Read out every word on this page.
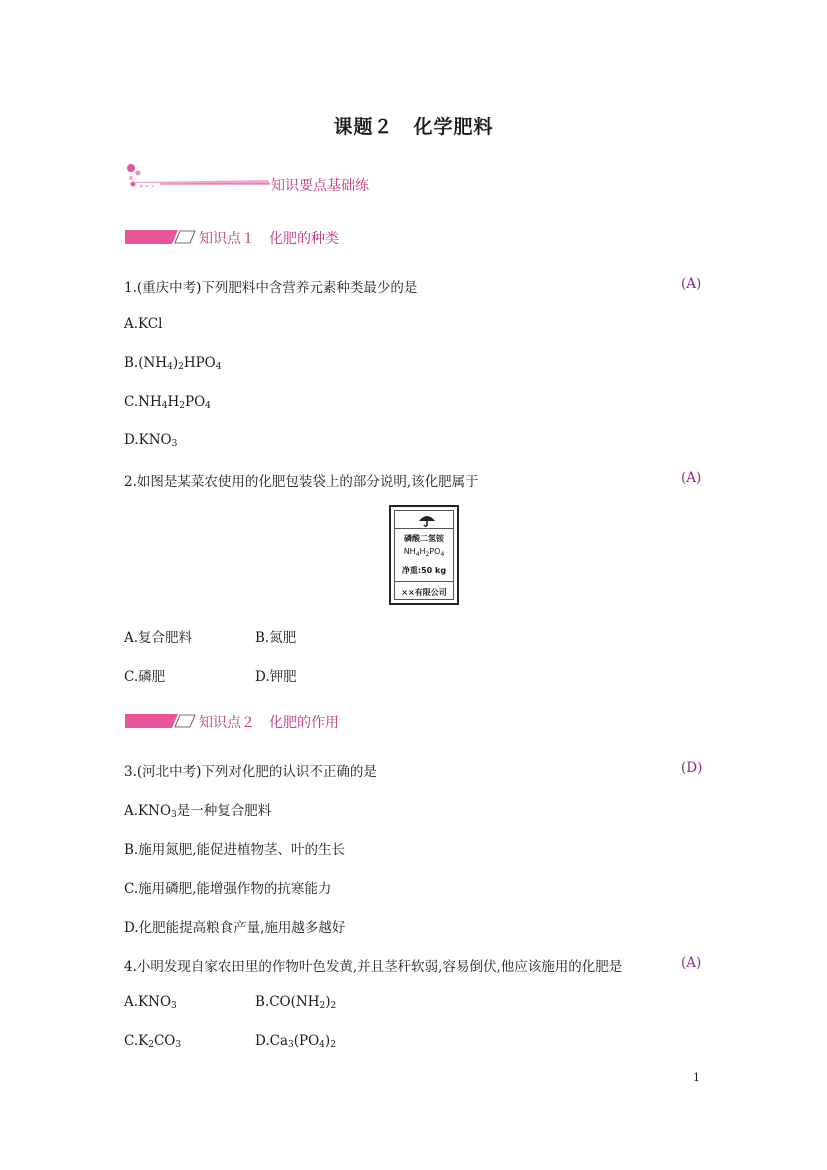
课题２　化学肥料
知识要点基础练
知识点１　化肥的种类
1.(重庆中考)下列肥料中含营养元素种类最少的是	(A)
A.KCl
$B.(NH_4)_2HPO_4$
$C.NH_4H_2PO_4$
$D.KNO_3$
2.如图是某菜农使用的化肥包装袋上的部分说明,该化肥属于	(A)
磷酸二氢铵
$NH_4H_2PO_4$
净重:50 kg
××有限公司
A.复合肥料	B.氮肥
C.磷肥	D.钾肥
知识点２　化肥的作用
3.(河北中考)下列对化肥的认识不正确的是	(D)
$A.KNO_3$是一种复合肥料
B.施用氮肥,能促进植物茎、叶的生长
C.施用磷肥,能增强作物的抗寒能力
D.化肥能提高粮食产量,施用越多越好
4.小明发现自家农田里的作物叶色发黄,并且茎秆软弱,容易倒伏,他应该施用的化肥是	(A)
$A.KNO_3$	$B.CO(NH_2)_2$
$C.K_2CO_3$	$D.Ca_3(PO_4)_2$
1
